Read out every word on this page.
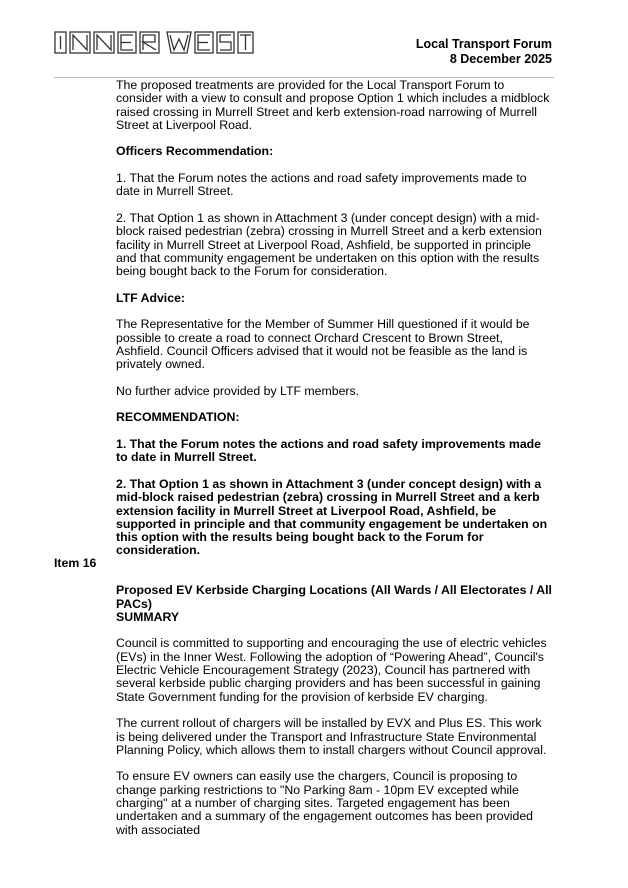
Local Transport Forum
8 December 2025

The proposed treatments are provided for the Local Transport Forum to consider with a view to consult and propose Option 1 which includes a midblock raised crossing in Murrell Street and kerb extension-road narrowing of Murrell Street at Liverpool Road.

Officers Recommendation:

1. That the Forum notes the actions and road safety improvements made to date in Murrell Street.

2. That Option 1 as shown in Attachment 3 (under concept design) with a mid-block raised pedestrian (zebra) crossing in Murrell Street and a kerb extension facility in Murrell Street at Liverpool Road, Ashfield, be supported in principle and that community engagement be undertaken on this option with the results being bought back to the Forum for consideration.

LTF Advice:

The Representative for the Member of Summer Hill questioned if it would be possible to create a road to connect Orchard Crescent to Brown Street, Ashfield. Council Officers advised that it would not be feasible as the land is privately owned.

No further advice provided by LTF members.

RECOMMENDATION:

1. That the Forum notes the actions and road safety improvements made to date in Murrell Street.

2. That Option 1 as shown in Attachment 3 (under concept design) with a mid-block raised pedestrian (zebra) crossing in Murrell Street and a kerb extension facility in Murrell Street at Liverpool Road, Ashfield, be supported in principle and that community engagement be undertaken on this option with the results being bought back to the Forum for consideration.

Proposed EV Kerbside Charging Locations (All Wards / All Electorates / All PACs)

SUMMARY

Council is committed to supporting and encouraging the use of electric vehicles (EVs) in the Inner West. Following the adoption of “Powering Ahead”, Council's Electric Vehicle Encouragement Strategy (2023), Council has partnered with several kerbside public charging providers and has been successful in gaining State Government funding for the provision of kerbside EV charging.

The current rollout of chargers will be installed by EVX and Plus ES. This work is being delivered under the Transport and Infrastructure State Environmental Planning Policy, which allows them to install chargers without Council approval.

To ensure EV owners can easily use the chargers, Council is proposing to change parking restrictions to "No Parking 8am - 10pm EV excepted while charging" at a number of charging sites. Targeted engagement has been undertaken and a summary of the engagement outcomes has been provided with associated

Item 16
